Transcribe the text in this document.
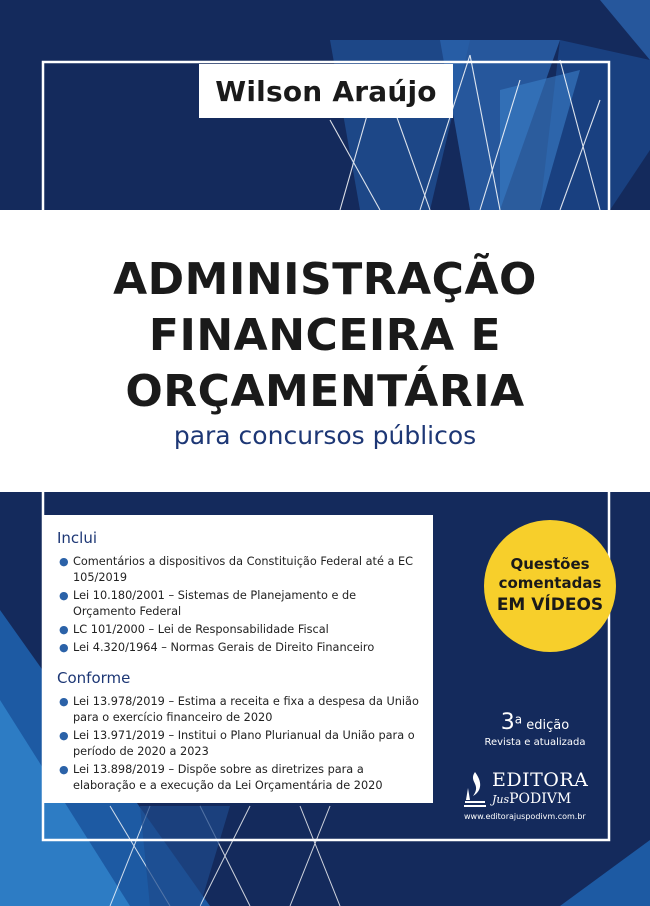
Wilson Araújo
ADMINISTRAÇÃO
FINANCEIRA E
ORÇAMENTÁRIA
para concursos públicos
Inclui
● Comentários a dispositivos da Constituição Federal até a EC 105/2019
● Lei 10.180/2001 – Sistemas de Planejamento e de Orçamento Federal
● LC 101/2000 – Lei de Responsabilidade Fiscal
● Lei 4.320/1964 – Normas Gerais de Direito Financeiro
Conforme
● Lei 13.978/2019 – Estima a receita e fixa a despesa da União para o exercício financeiro de 2020
● Lei 13.971/2019 – Institui o Plano Plurianual da União para o período de 2020 a 2023
● Lei 13.898/2019 – Dispõe sobre as diretrizes para a elaboração e a execução da Lei Orçamentária de 2020
Questões
comentadas
EM VÍDEOS
3a edição
Revista e atualizada
EDITORA
JusPODIVM
www.editorajuspodivm.com.br
